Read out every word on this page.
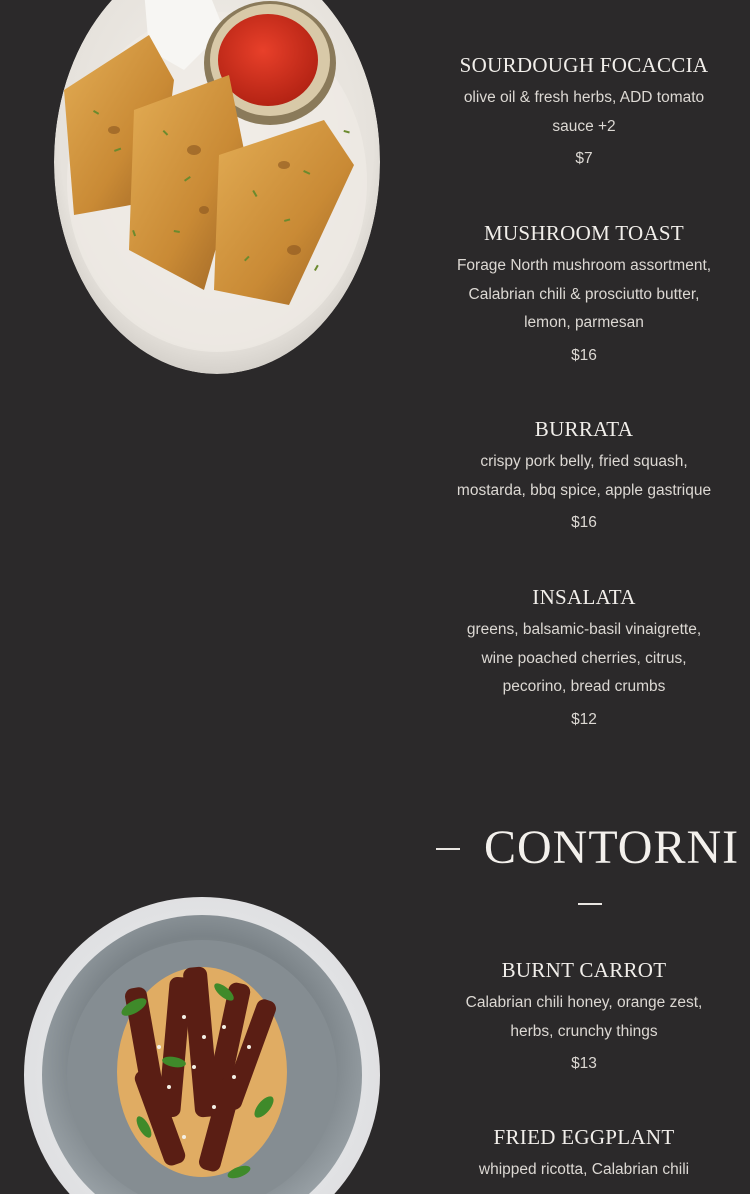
SOURDOUGH FOCACCIA
olive oil & fresh herbs, ADD tomato sauce +2
$7
MUSHROOM TOAST
Forage North mushroom assortment, Calabrian chili & prosciutto butter, lemon, parmesan
$16
BURRATA
crispy pork belly, fried squash, mostarda, bbq spice, apple gastrique
$16
INSALATA
greens, balsamic-basil vinaigrette, wine poached cherries, citrus, pecorino, bread crumbs
$12
CONTORNI
BURNT CARROT
Calabrian chili honey, orange zest, herbs, crunchy things
$13
FRIED EGGPLANT
whipped ricotta, Calabrian chili
